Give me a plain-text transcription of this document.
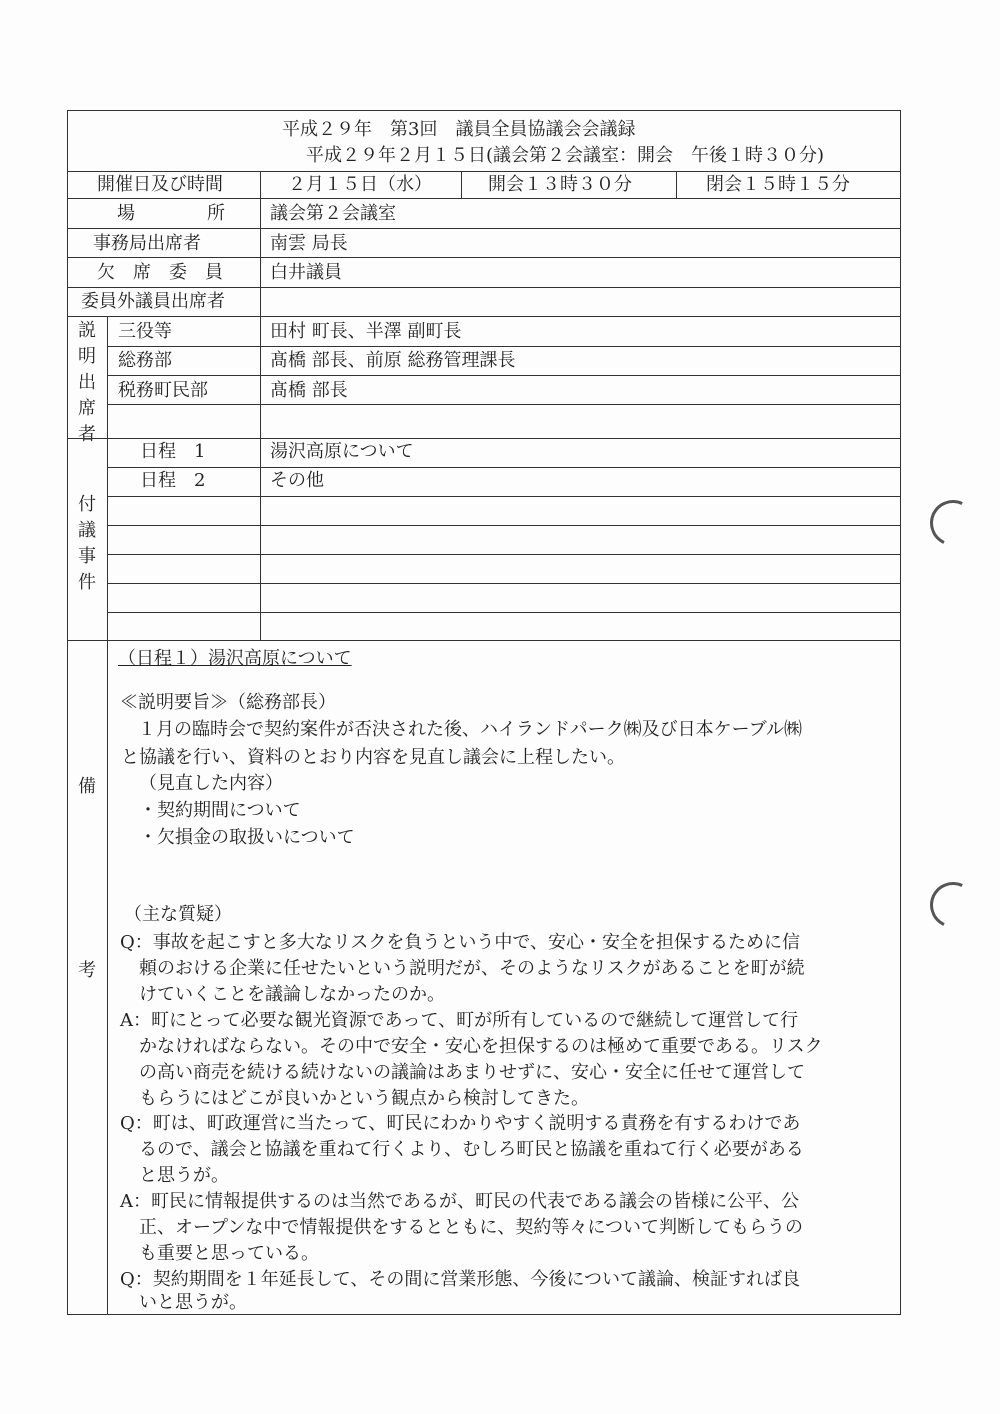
平成２９年　第3回　議員全員協議会会議録
平成２９年２月１５日(議会第２会議室：開会　午後１時３０分)
開催日及び時間	２月１５日（水）	開会１３時３０分	閉会１５時１５分
場　　　　所	議会第２会議室
事務局出席者	南雲 局長
欠　席　委　員	白井議員
委員外議員出席者
説明出席者
三役等	田村 町長、半澤 副町長
総務部	髙橋 部長、前原 総務管理課長
税務町民部	髙橋 部長
付議事件
日程　1	湯沢高原について
日程　2	その他
備
考
（日程１）湯沢高原について
≪説明要旨≫（総務部長）
１月の臨時会で契約案件が否決された後、ハイランドパーク㈱及び日本ケーブル㈱
と協議を行い、資料のとおり内容を見直し議会に上程したい。
（見直した内容）
・契約期間について
・欠損金の取扱いについて
（主な質疑）
Q：事故を起こすと多大なリスクを負うという中で、安心・安全を担保するために信
頼のおける企業に任せたいという説明だが、そのようなリスクがあることを町が続
けていくことを議論しなかったのか。
A：町にとって必要な観光資源であって、町が所有しているので継続して運営して行
かなければならない。その中で安全・安心を担保するのは極めて重要である。リスク
の高い商売を続ける続けないの議論はあまりせずに、安心・安全に任せて運営して
もらうにはどこが良いかという観点から検討してきた。
Q：町は、町政運営に当たって、町民にわかりやすく説明する責務を有するわけであ
るので、議会と協議を重ねて行くより、むしろ町民と協議を重ねて行く必要がある
と思うが。
A：町民に情報提供するのは当然であるが、町民の代表である議会の皆様に公平、公
正、オープンな中で情報提供をするとともに、契約等々について判断してもらうの
も重要と思っている。
Q：契約期間を１年延長して、その間に営業形態、今後について議論、検証すれば良
いと思うが。
